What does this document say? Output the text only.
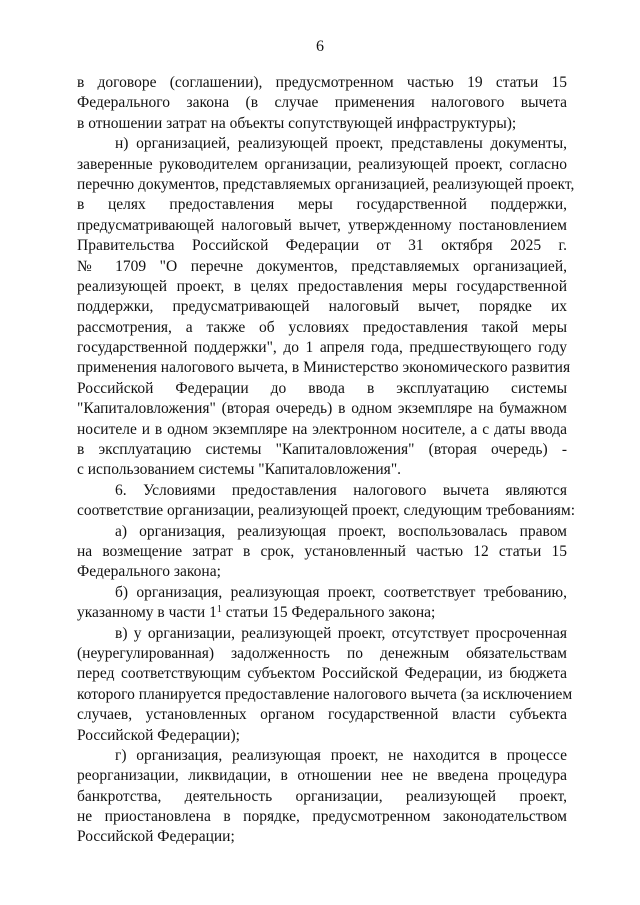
6
в договоре (соглашении), предусмотренном частью 19 статьи 15
Федерального закона (в случае применения налогового вычета
в отношении затрат на объекты сопутствующей инфраструктуры);
н) организацией, реализующей проект, представлены документы,
заверенные руководителем организации, реализующей проект, согласно
перечню документов, представляемых организацией, реализующей проект,
в целях предоставления меры государственной поддержки,
предусматривающей налоговый вычет, утвержденному постановлением
Правительства Российской Федерации от 31 октября 2025 г.
№ 1709 "О перечне документов, представляемых организацией,
реализующей проект, в целях предоставления меры государственной
поддержки, предусматривающей налоговый вычет, порядке их
рассмотрения, а также об условиях предоставления такой меры
государственной поддержки", до 1 апреля года, предшествующего году
применения налогового вычета, в Министерство экономического развития
Российской Федерации до ввода в эксплуатацию системы
"Капиталовложения" (вторая очередь) в одном экземпляре на бумажном
носителе и в одном экземпляре на электронном носителе, а с даты ввода
в эксплуатацию системы "Капиталовложения" (вторая очередь) -
с использованием системы "Капиталовложения".
6. Условиями предоставления налогового вычета являются
соответствие организации, реализующей проект, следующим требованиям:
а) организация, реализующая проект, воспользовалась правом
на возмещение затрат в срок, установленный частью 12 статьи 15
Федерального закона;
б) организация, реализующая проект, соответствует требованию,
указанному в части $1^1$ статьи 15 Федерального закона;
в) у организации, реализующей проект, отсутствует просроченная
(неурегулированная) задолженность по денежным обязательствам
перед соответствующим субъектом Российской Федерации, из бюджета
которого планируется предоставление налогового вычета (за исключением
случаев, установленных органом государственной власти субъекта
Российской Федерации);
г) организация, реализующая проект, не находится в процессе
реорганизации, ликвидации, в отношении нее не введена процедура
банкротства, деятельность организации, реализующей проект,
не приостановлена в порядке, предусмотренном законодательством
Российской Федерации;
